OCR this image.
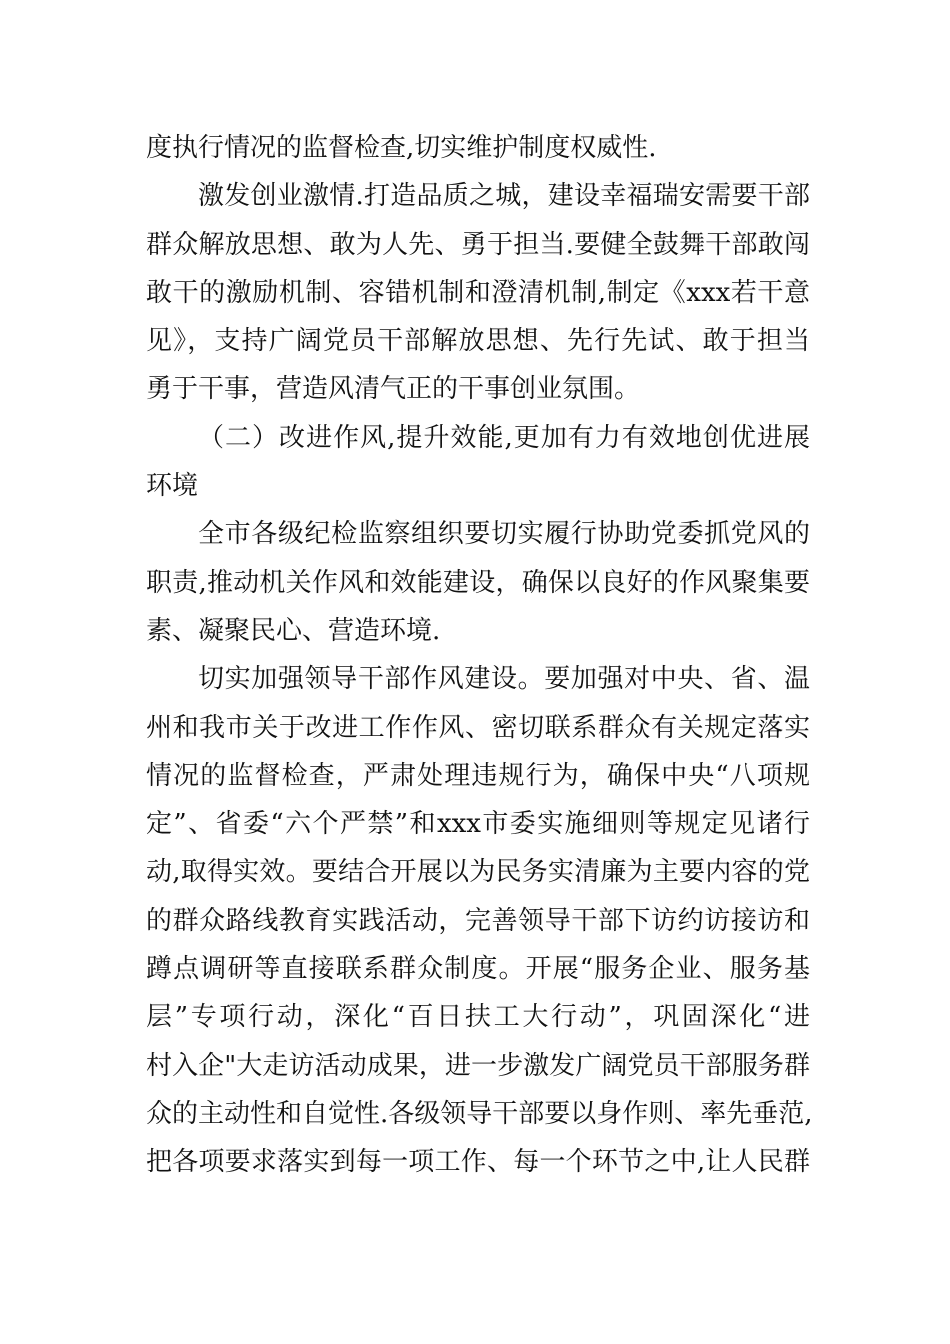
度执行情况的监督检查,切实维护制度权威性.
激发创业激情.打造品质之城，建设幸福瑞安需要干部
群众解放思想、敢为人先、勇于担当.要健全鼓舞干部敢闯
敢干的激励机制、容错机制和澄清机制,制定《xxx若干意
见》，支持广阔党员干部解放思想、先行先试、敢于担当
勇于干事，营造风清气正的干事创业氛围。
（二）改进作风,提升效能,更加有力有效地创优进展
环境
全市各级纪检监察组织要切实履行协助党委抓党风的
职责,推动机关作风和效能建设，确保以良好的作风聚集要
素、凝聚民心、营造环境.
切实加强领导干部作风建设。要加强对中央、省、温
州和我市关于改进工作作风、密切联系群众有关规定落实
情况的监督检查，严肃处理违规行为，确保中央“八项规
定”、省委“六个严禁”和xxx市委实施细则等规定见诸行
动,取得实效。要结合开展以为民务实清廉为主要内容的党
的群众路线教育实践活动，完善领导干部下访约访接访和
蹲点调研等直接联系群众制度。开展“服务企业、服务基
层”专项行动，深化“百日扶工大行动”，巩固深化“进
村入企"大走访活动成果，进一步激发广阔党员干部服务群
众的主动性和自觉性.各级领导干部要以身作则、率先垂范,
把各项要求落实到每一项工作、每一个环节之中,让人民群
